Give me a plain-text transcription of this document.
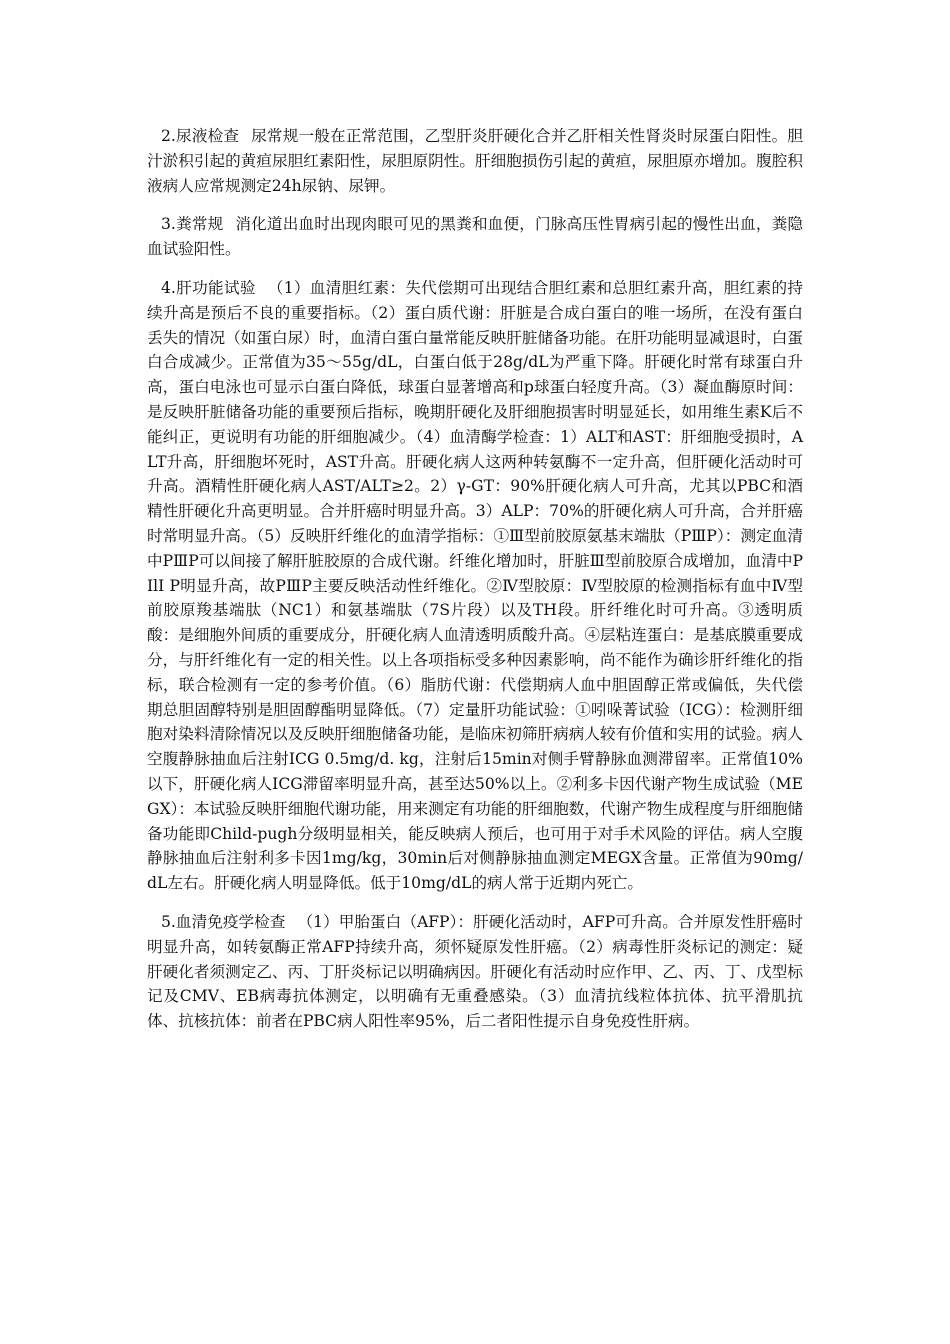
2.尿液检查 尿常规一般在正常范围，乙型肝炎肝硬化合并乙肝相关性肾炎时尿蛋白阳性。胆汁淤积引起的黄疸尿胆红素阳性，尿胆原阴性。肝细胞损伤引起的黄疸，尿胆原亦增加。腹腔积液病人应常规测定24h尿钠、尿钾。

3.粪常规 消化道出血时出现肉眼可见的黑粪和血便，门脉高压性胃病引起的慢性出血，粪隐血试验阳性。

4.肝功能试验 （1）血清胆红素：失代偿期可出现结合胆红素和总胆红素升高，胆红素的持续升高是预后不良的重要指标。（2）蛋白质代谢：肝脏是合成白蛋白的唯一场所，在没有蛋白丢失的情况（如蛋白尿）时，血清白蛋白量常能反映肝脏储备功能。在肝功能明显减退时，白蛋白合成减少。正常值为35～55g/dL，白蛋白低于28g/dL为严重下降。肝硬化时常有球蛋白升高，蛋白电泳也可显示白蛋白降低，球蛋白显著增高和p球蛋白轻度升高。（3）凝血酶原时间：是反映肝脏储备功能的重要预后指标，晚期肝硬化及肝细胞损害时明显延长，如用维生素K后不能纠正，更说明有功能的肝细胞减少。（4）血清酶学检查：1）ALT和AST：肝细胞受损时，ALT升高，肝细胞坏死时，AST升高。肝硬化病人这两种转氨酶不一定升高，但肝硬化活动时可升高。酒精性肝硬化病人AST/ALT≥2。2）γ-GT：90%肝硬化病人可升高，尤其以PBC和酒精性肝硬化升高更明显。合并肝癌时明显升高。3）ALP：70%的肝硬化病人可升高，合并肝癌时常明显升高。（5）反映肝纤维化的血清学指标：①Ⅲ型前胶原氨基末端肽（PⅢP）：测定血清中PⅢP可以间接了解肝脏胶原的合成代谢。纤维化增加时，肝脏Ⅲ型前胶原合成增加，血清中P IlI P明显升高，故PⅢP主要反映活动性纤维化。②Ⅳ型胶原：Ⅳ型胶原的检测指标有血中Ⅳ型前胶原羧基端肽（NC1）和氨基端肽（7S片段）以及TH段。肝纤维化时可升高。③透明质酸：是细胞外间质的重要成分，肝硬化病人血清透明质酸升高。④层粘连蛋白：是基底膜重要成分，与肝纤维化有一定的相关性。以上各项指标受多种因素影响，尚不能作为确诊肝纤维化的指标，联合检测有一定的参考价值。（6）脂肪代谢：代偿期病人血中胆固醇正常或偏低，失代偿期总胆固醇特别是胆固醇酯明显降低。（7）定量肝功能试验：①吲哚菁试验（ICG）：检测肝细胞对染料清除情况以及反映肝细胞储备功能，是临床初筛肝病病人较有价值和实用的试验。病人空腹静脉抽血后注射ICG 0.5mg/d. kg，注射后15min对侧手臂静脉血测滞留率。正常值10%以下，肝硬化病人ICG滞留率明显升高，甚至达50%以上。②利多卡因代谢产物生成试验（MEGX）：本试验反映肝细胞代谢功能，用来测定有功能的肝细胞数，代谢产物生成程度与肝细胞储备功能即Child-pugh分级明显相关，能反映病人预后，也可用于对手术风险的评估。病人空腹静脉抽血后注射利多卡因1mg/kg，30min后对侧静脉抽血测定MEGX含量。正常值为90mg/dL左右。肝硬化病人明显降低。低于10mg/dL的病人常于近期内死亡。

5.血清免疫学检查 （1）甲胎蛋白（AFP）：肝硬化活动时，AFP可升高。合并原发性肝癌时明显升高，如转氨酶正常AFP持续升高，须怀疑原发性肝癌。（2）病毒性肝炎标记的测定：疑肝硬化者须测定乙、丙、丁肝炎标记以明确病因。肝硬化有活动时应作甲、乙、丙、丁、戊型标记及CMV、EB病毒抗体测定，以明确有无重叠感染。（3）血清抗线粒体抗体、抗平滑肌抗体、抗核抗体：前者在PBC病人阳性率95%，后二者阳性提示自身免疫性肝病。
